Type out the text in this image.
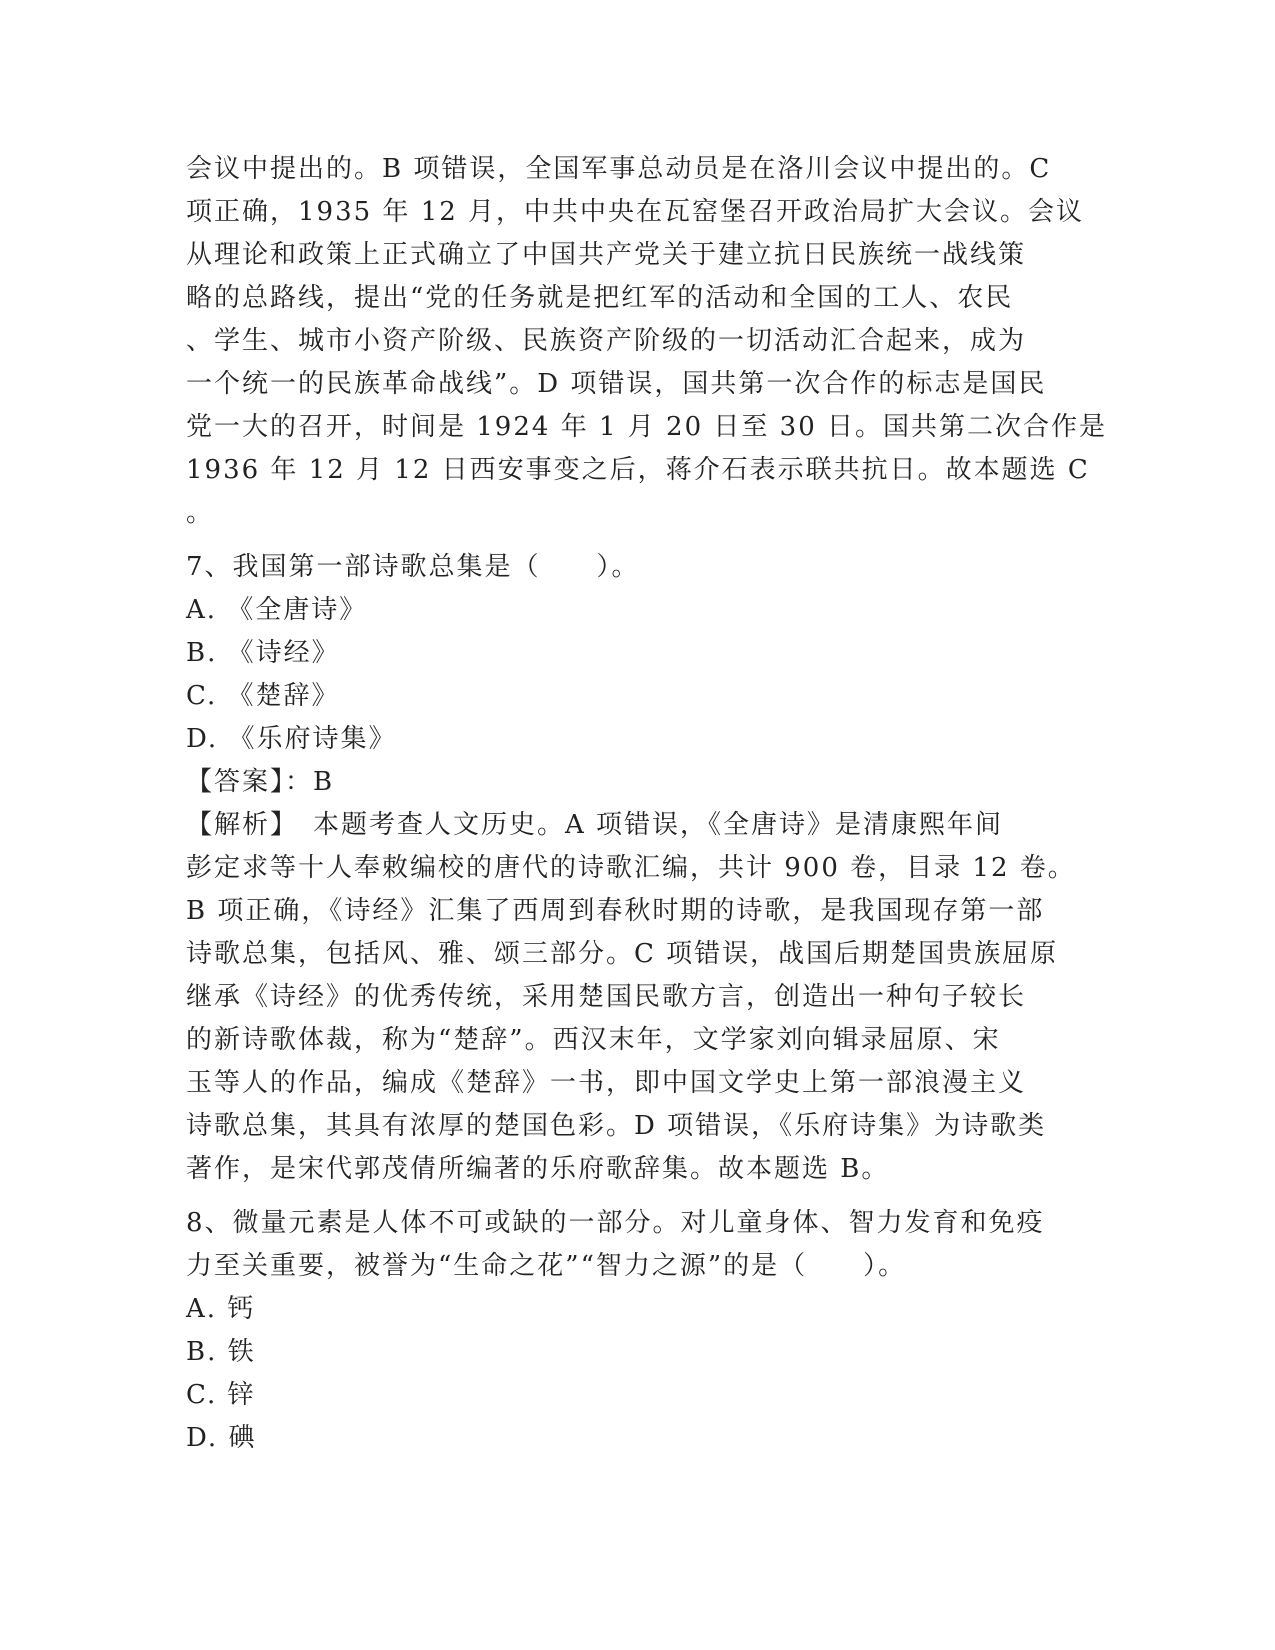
会议中提出的。B 项错误，全国军事总动员是在洛川会议中提出的。C
项正确，1935 年 12 月，中共中央在瓦窑堡召开政治局扩大会议。会议
从理论和政策上正式确立了中国共产党关于建立抗日民族统一战线策
略的总路线，提出“党的任务就是把红军的活动和全国的工人、农民
、学生、城市小资产阶级、民族资产阶级的一切活动汇合起来，成为
一个统一的民族革命战线”。D 项错误，国共第一次合作的标志是国民
党一大的召开，时间是 1924 年 1 月 20 日至 30 日。国共第二次合作是
1936 年 12 月 12 日西安事变之后，蒋介石表示联共抗日。故本题选 C
。
7、我国第一部诗歌总集是（　　）。
A. 《全唐诗》
B. 《诗经》
C. 《楚辞》
D. 《乐府诗集》
【答案】：B
【解析】　本题考查人文历史。A 项错误，《全唐诗》是清康熙年间
彭定求等十人奉敕编校的唐代的诗歌汇编，共计 900 卷，目录 12 卷。
B 项正确，《诗经》汇集了西周到春秋时期的诗歌，是我国现存第一部
诗歌总集，包括风、雅、颂三部分。C 项错误，战国后期楚国贵族屈原
继承《诗经》的优秀传统，采用楚国民歌方言，创造出一种句子较长
的新诗歌体裁，称为“楚辞”。西汉末年，文学家刘向辑录屈原、宋
玉等人的作品，编成《楚辞》一书，即中国文学史上第一部浪漫主义
诗歌总集，其具有浓厚的楚国色彩。D 项错误，《乐府诗集》为诗歌类
著作，是宋代郭茂倩所编著的乐府歌辞集。故本题选 B。
8、微量元素是人体不可或缺的一部分。对儿童身体、智力发育和免疫
力至关重要，被誉为“生命之花”“智力之源”的是（　　）。
A. 钙
B. 铁
C. 锌
D. 碘
